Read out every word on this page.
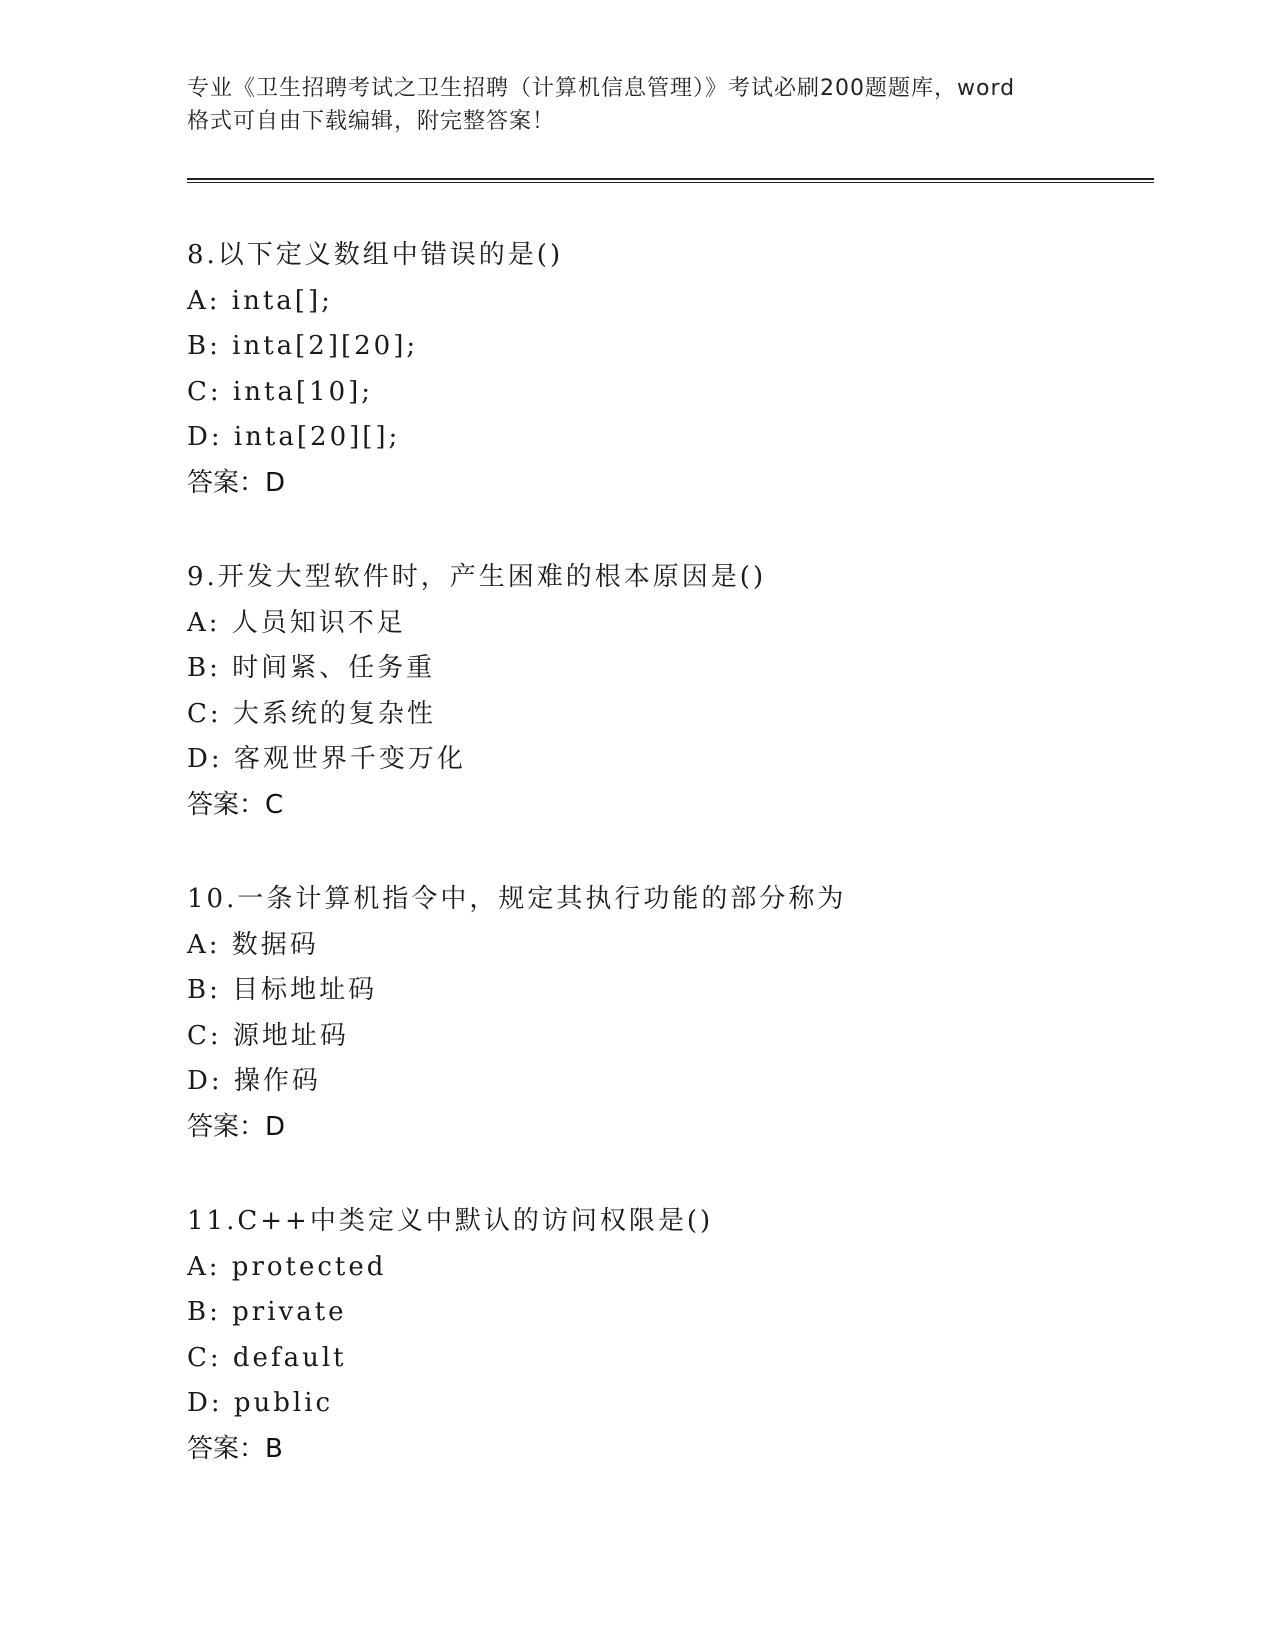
专业《卫生招聘考试之卫生招聘（计算机信息管理）》考试必刷200题题库，word
格式可自由下载编辑，附完整答案！
8.以下定义数组中错误的是()
A: inta[];
B: inta[2][20];
C: inta[10];
D: inta[20][];
答案：D
9.开发大型软件时，产生困难的根本原因是()
A: 人员知识不足
B: 时间紧、任务重
C: 大系统的复杂性
D: 客观世界千变万化
答案：C
10.一条计算机指令中，规定其执行功能的部分称为
A: 数据码
B: 目标地址码
C: 源地址码
D: 操作码
答案：D
11.C++中类定义中默认的访问权限是()
A: protected
B: private
C: default
D: public
答案：B
